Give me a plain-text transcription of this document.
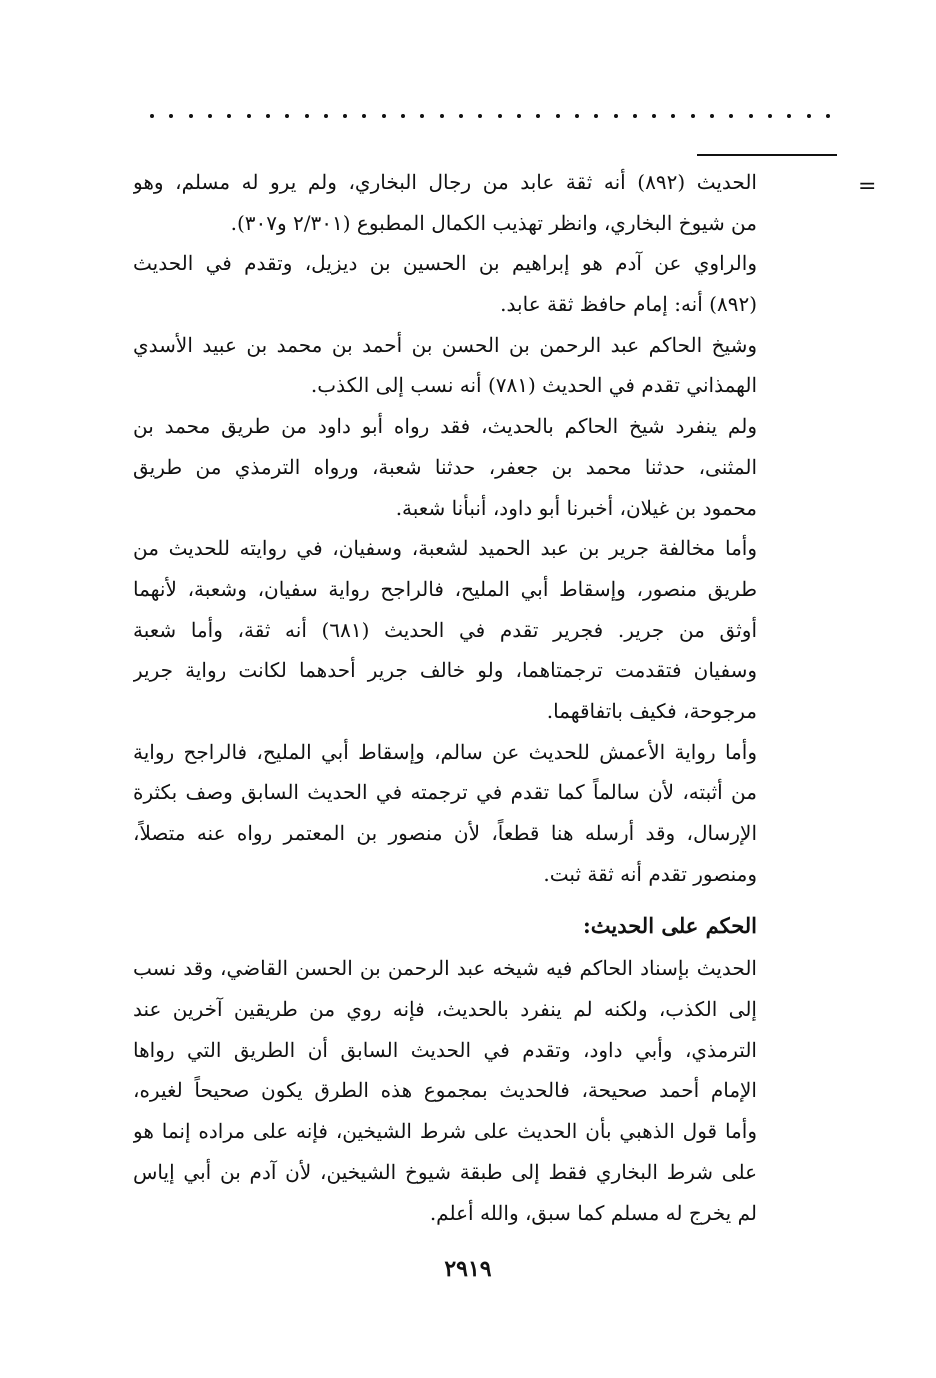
=
الحديث (٨٩٢) أنه ثقة عابد من رجال البخاري، ولم يرو له مسلم، وهو
من شيوخ البخاري، وانظر تهذيب الكمال المطبوع (٢/٣٠١ و٣٠٧).
والراوي عن آدم هو إبراهيم بن الحسين بن ديزيل، وتقدم في الحديث
(٨٩٢) أنه: إمام حافظ ثقة عابد.
وشيخ الحاكم عبد الرحمن بن الحسن بن أحمد بن محمد بن عبيد الأسدي
الهمذاني تقدم في الحديث (٧٨١) أنه نسب إلى الكذب.
ولم ينفرد شيخ الحاكم بالحديث، فقد رواه أبو داود من طريق محمد بن
المثنى، حدثنا محمد بن جعفر، حدثنا شعبة، ورواه الترمذي من طريق
محمود بن غيلان، أخبرنا أبو داود، أنبأنا شعبة.
وأما مخالفة جرير بن عبد الحميد لشعبة، وسفيان، في روايته للحديث من
طريق منصور، وإسقاط أبي المليح، فالراجح رواية سفيان، وشعبة، لأنهما
أوثق من جرير. فجرير تقدم في الحديث (٦٨١) أنه ثقة، وأما شعبة
وسفيان فتقدمت ترجمتاهما، ولو خالف جرير أحدهما لكانت رواية جرير
مرجوحة، فكيف باتفاقهما.
وأما رواية الأعمش للحديث عن سالم، وإسقاط أبي المليح، فالراجح رواية
من أثبته، لأن سالماً كما تقدم في ترجمته في الحديث السابق وصف بكثرة
الإرسال، وقد أرسله هنا قطعاً، لأن منصور بن المعتمر رواه عنه متصلاً،
ومنصور تقدم أنه ثقة ثبت.
الحكم على الحديث:
الحديث بإسناد الحاكم فيه شيخه عبد الرحمن بن الحسن القاضي، وقد نسب
إلى الكذب، ولكنه لم ينفرد بالحديث، فإنه روي من طريقين آخرين عند
الترمذي، وأبي داود، وتقدم في الحديث السابق أن الطريق التي رواها
الإمام أحمد صحيحة، فالحديث بمجموع هذه الطرق يكون صحيحاً لغيره،
وأما قول الذهبي بأن الحديث على شرط الشيخين، فإنه على مراده إنما هو
على شرط البخاري فقط إلى طبقة شيوخ الشيخين، لأن آدم بن أبي إياس
لم يخرج له مسلم كما سبق، والله أعلم.
٢٩١٩
